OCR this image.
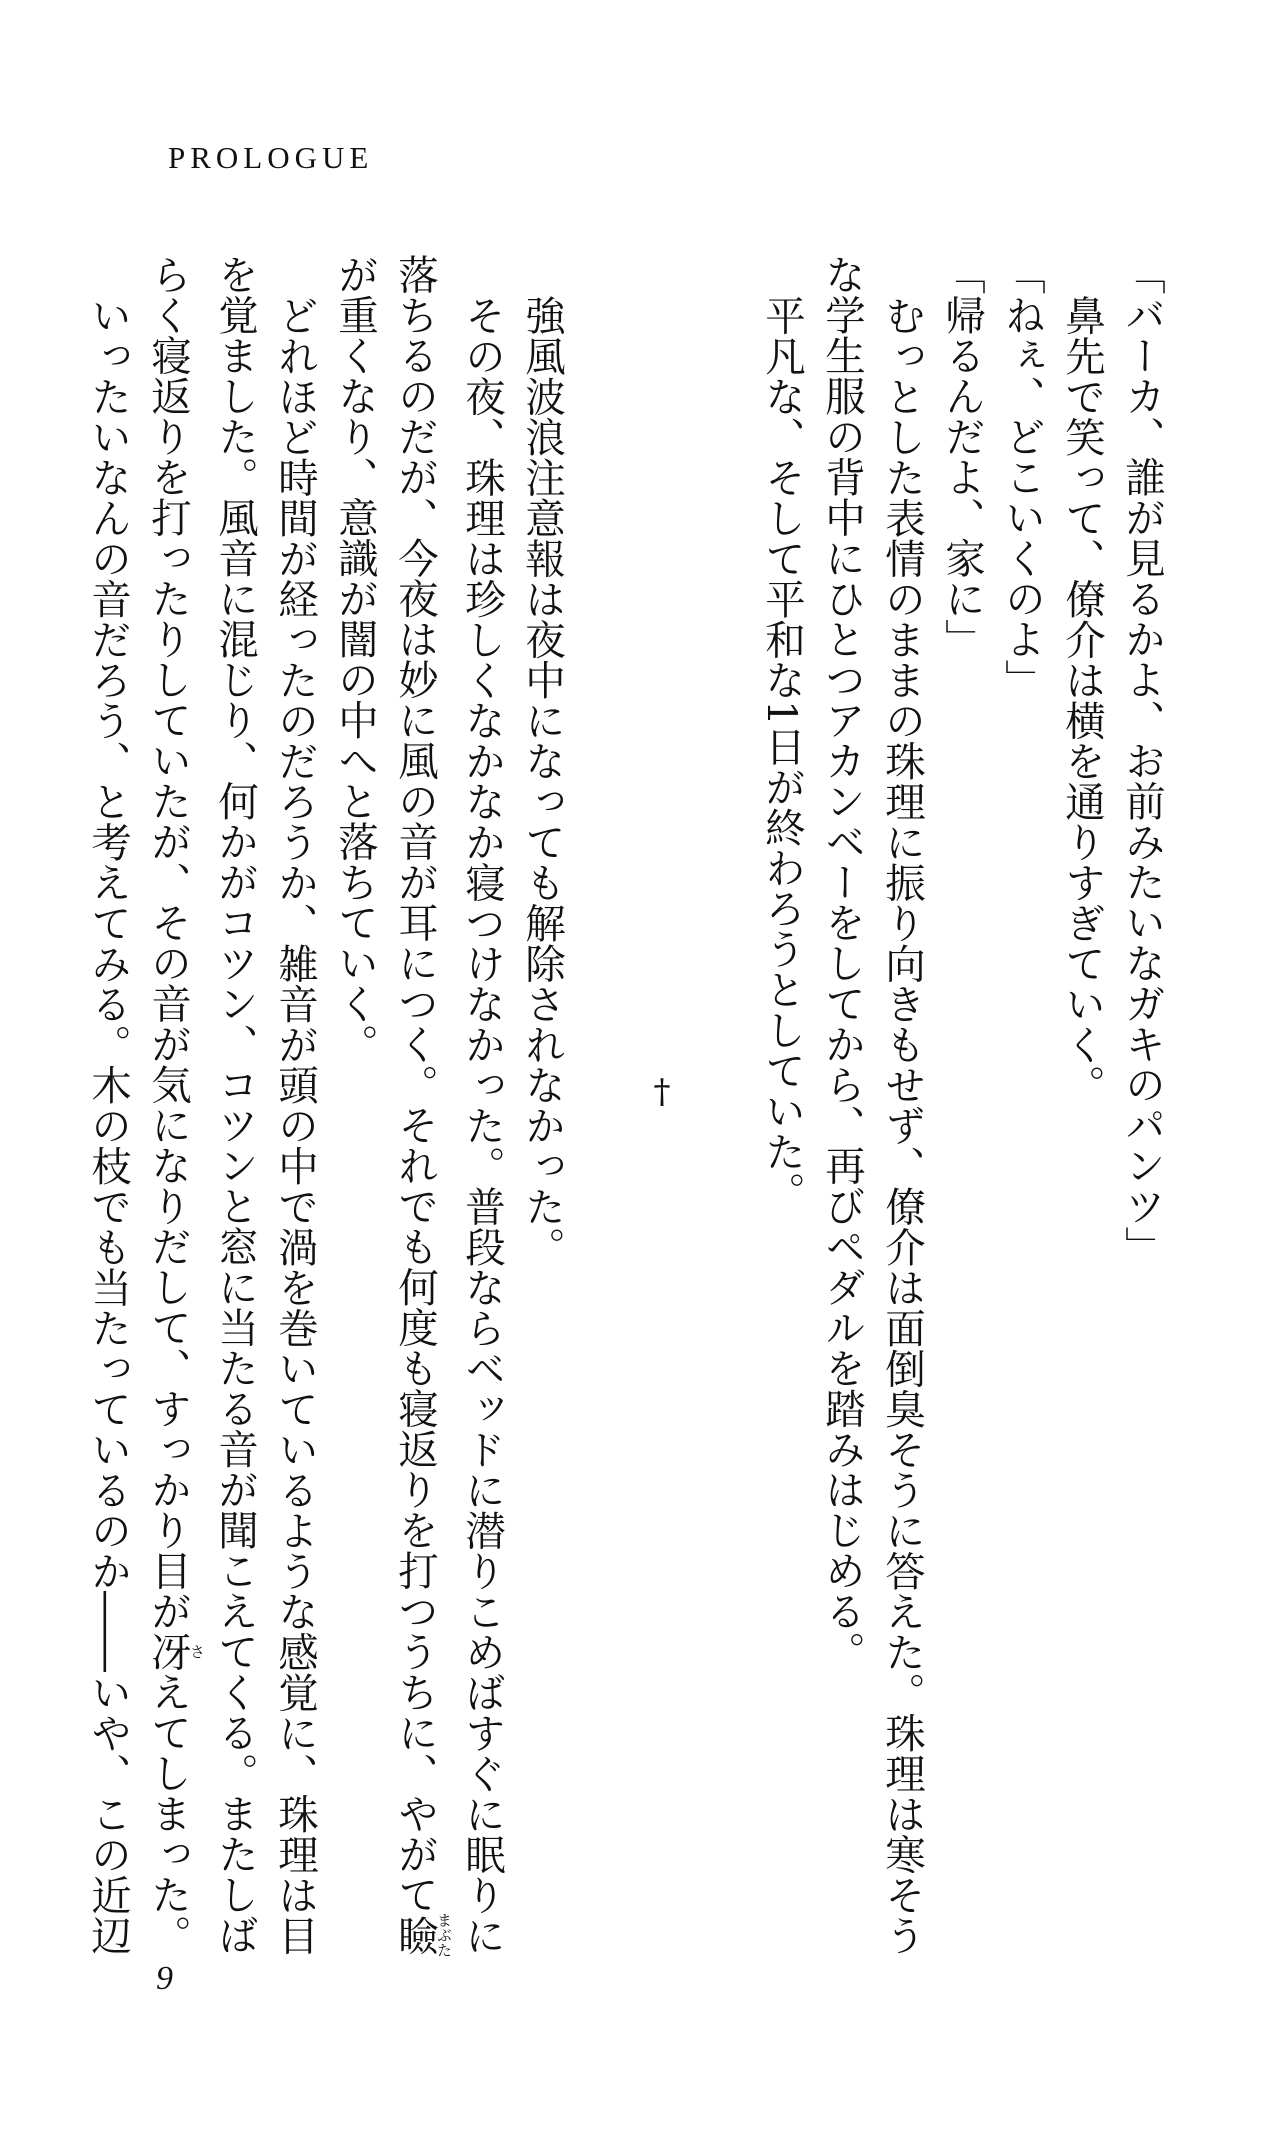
PROLOGUE

「バーカ、誰が見るかよ、お前みたいなガキのパンツ」

鼻先で笑って、僚介は横を通りすぎていく。

「ねぇ、どこいくのよ」

「帰るんだよ、家に」

むっとした表情のままの珠理に振り向きもせず、僚介は面倒臭そうに答えた。珠理は寒そう

な学生服の背中にひとつアカンベーをしてから、再びペダルを踏みはじめる。

平凡な、そして平和な1日が終わろうとしていた。

†

強風波浪注意報は夜中になっても解除されなかった。

その夜、珠理は珍しくなかなか寝つけなかった。普段ならベッドに潜りこめばすぐに眠りに

落ちるのだが、今夜は妙に風の音が耳につく。それでも何度も寝返りを打つうちに、やがて瞼まぶた

が重くなり、意識が闇の中へと落ちていく。

どれほど時間が経ったのだろうか、雑音が頭の中で渦を巻いているような感覚に、珠理は目

を覚ました。風音に混じり、何かがコツン、コツンと窓に当たる音が聞こえてくる。またしば

らく寝返りを打ったりしていたが、その音が気になりだして、すっかり目が冴さえてしまった。

いったいなんの音だろう、と考えてみる。木の枝でも当たっているのか――いや、この近辺

9
